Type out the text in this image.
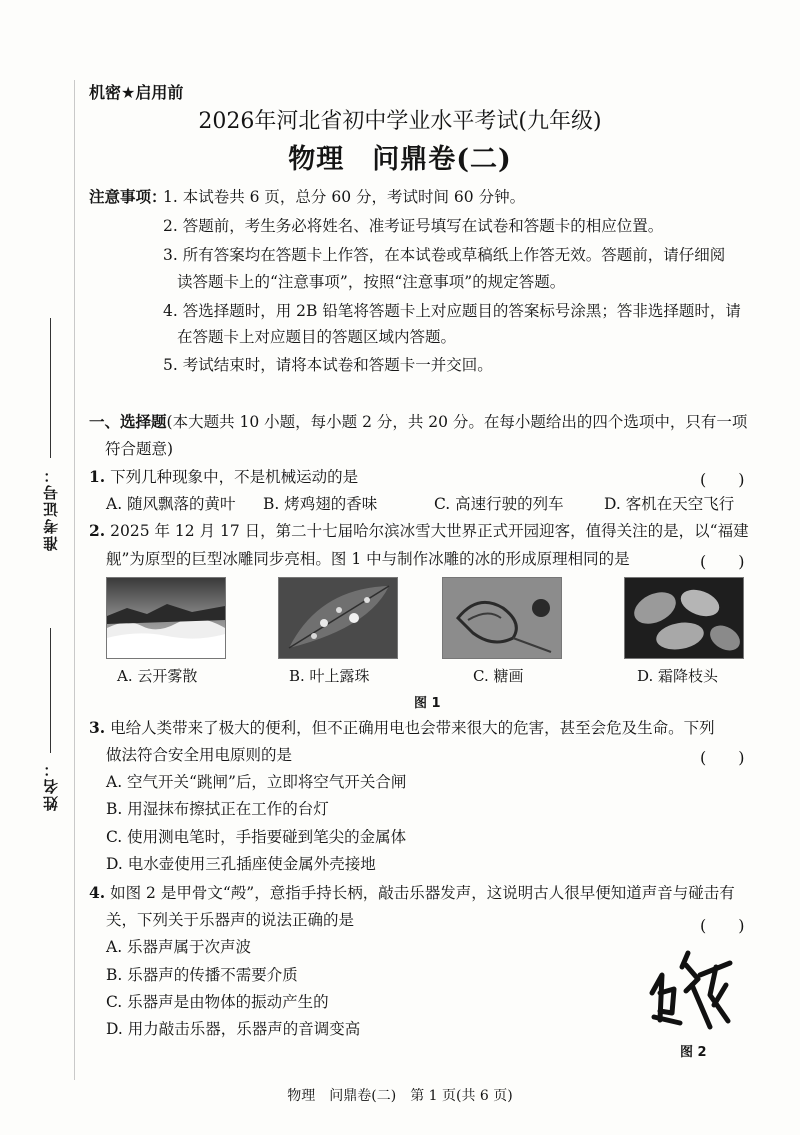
准考证号：
姓名：
机密★启用前
2026年河北省初中学业水平考试(九年级)
物理　问鼎卷(二)
注意事项：
1. 本试卷共 6 页，总分 60 分，考试时间 60 分钟。
2. 答题前，考生务必将姓名、准考证号填写在试卷和答题卡的相应位置。
3. 所有答案均在答题卡上作答，在本试卷或草稿纸上作答无效。答题前，请仔细阅
读答题卡上的“注意事项”，按照“注意事项”的规定答题。
4. 答选择题时，用 2B 铅笔将答题卡上对应题目的答案标号涂黑；答非选择题时，请
在答题卡上对应题目的答题区域内答题。
5. 考试结束时，请将本试卷和答题卡一并交回。
一、选择题(本大题共 10 小题，每小题 2 分，共 20 分。在每小题给出的四个选项中，只有一项
符合题意)
1. 下列几种现象中，不是机械运动的是	(　　)
A. 随风飘落的黄叶 B. 烤鸡翅的香味	C. 高速行驶的列车	D. 客机在天空飞行
2. 2025 年 12 月 17 日，第二十七届哈尔滨冰雪大世界正式开园迎客，值得关注的是，以“福建
舰”为原型的巨型冰雕同步亮相。图 1 中与制作冰雕的冰的形成原理相同的是	(　　)
A. 云开雾散	B. 叶上露珠	C. 糖画	D. 霜降枝头
图 1
3. 电给人类带来了极大的便利，但不正确用电也会带来很大的危害，甚至会危及生命。下列
做法符合安全用电原则的是	(　　)
A. 空气开关“跳闸”后，立即将空气开关合闸
B. 用湿抹布擦拭正在工作的台灯
C. 使用测电笔时，手指要碰到笔尖的金属体
D. 电水壶使用三孔插座使金属外壳接地
4. 如图 2 是甲骨文“殸”，意指手持长柄，敲击乐器发声，这说明古人很早便知道声音与碰击有
关，下列关于乐器声的说法正确的是	(　　)
A. 乐器声属于次声波
B. 乐器声的传播不需要介质
C. 乐器声是由物体的振动产生的
D. 用力敲击乐器，乐器声的音调变高
图 2
物理　问鼎卷(二)　第 1 页(共 6 页)
